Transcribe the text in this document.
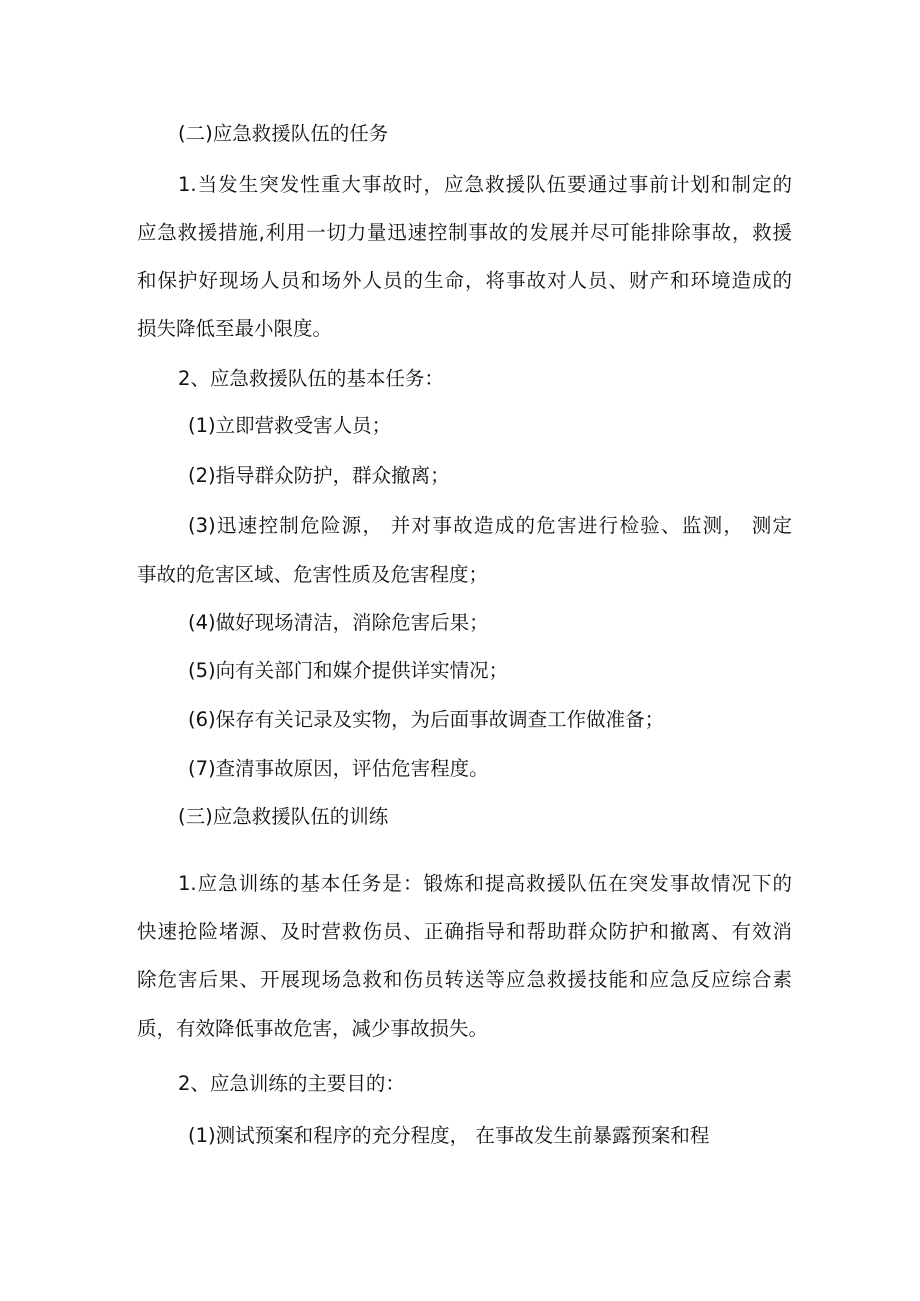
(二)应急救援队伍的任务
1.当发生突发性重大事故时，应急救援队伍要通过事前计划和制定的
应急救援措施,利用一切力量迅速控制事故的发展并尽可能排除事故，救援
和保护好现场人员和场外人员的生命，将事故对人员、财产和环境造成的
损失降低至最小限度。
2、应急救援队伍的基本任务：
(1)立即营救受害人员；
(2)指导群众防护，群众撤离；
(3)迅速控制危险源， 并对事故造成的危害进行检验、监测， 测定
事故的危害区域、危害性质及危害程度；
(4)做好现场清洁，消除危害后果；
(5)向有关部门和媒介提供详实情况；
(6)保存有关记录及实物，为后面事故调查工作做准备；
(7)查清事故原因，评估危害程度。
(三)应急救援队伍的训练
1.应急训练的基本任务是：锻炼和提高救援队伍在突发事故情况下的
快速抢险堵源、及时营救伤员、正确指导和帮助群众防护和撤离、有效消
除危害后果、开展现场急救和伤员转送等应急救援技能和应急反应综合素
质，有效降低事故危害，减少事故损失。
2、应急训练的主要目的：
(1)测试预案和程序的充分程度， 在事故发生前暴露预案和程
